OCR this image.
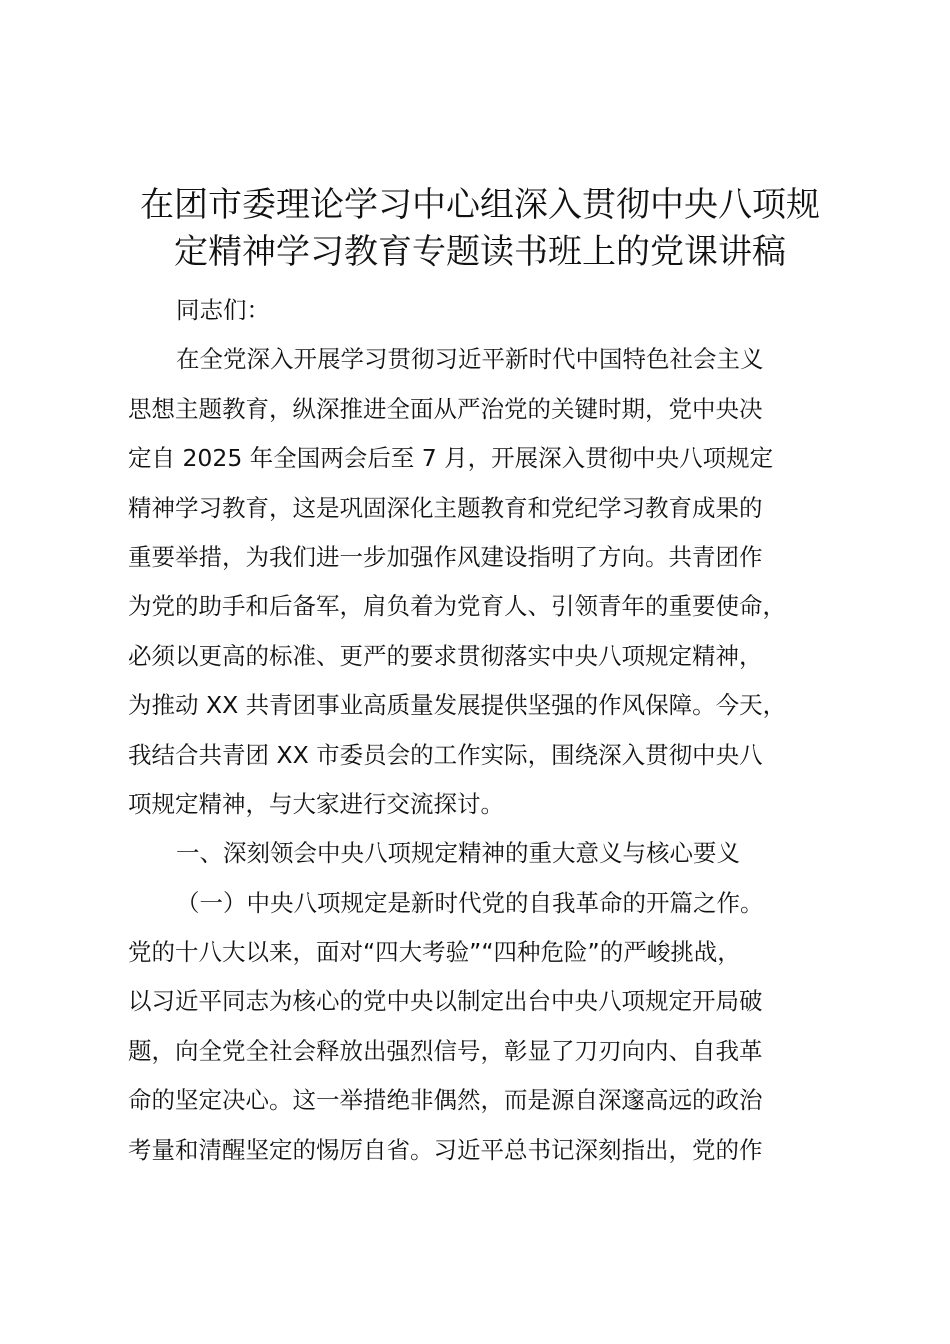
在团市委理论学习中心组深入贯彻中央八项规
定精神学习教育专题读书班上的党课讲稿
同志们：
在全党深入开展学习贯彻习近平新时代中国特色社会主义
思想主题教育，纵深推进全面从严治党的关键时期，党中央决
定自 2025 年全国两会后至 7 月，开展深入贯彻中央八项规定
精神学习教育，这是巩固深化主题教育和党纪学习教育成果的
重要举措，为我们进一步加强作风建设指明了方向。共青团作
为党的助手和后备军，肩负着为党育人、引领青年的重要使命，
必须以更高的标准、更严的要求贯彻落实中央八项规定精神，
为推动 XX 共青团事业高质量发展提供坚强的作风保障。今天，
我结合共青团 XX 市委员会的工作实际，围绕深入贯彻中央八
项规定精神，与大家进行交流探讨。
一、深刻领会中央八项规定精神的重大意义与核心要义
（一）中央八项规定是新时代党的自我革命的开篇之作。
党的十八大以来，面对“四大考验”“四种危险”的严峻挑战，
以习近平同志为核心的党中央以制定出台中央八项规定开局破
题，向全党全社会释放出强烈信号，彰显了刀刃向内、自我革
命的坚定决心。这一举措绝非偶然，而是源自深邃高远的政治
考量和清醒坚定的惕厉自省。习近平总书记深刻指出，党的作
